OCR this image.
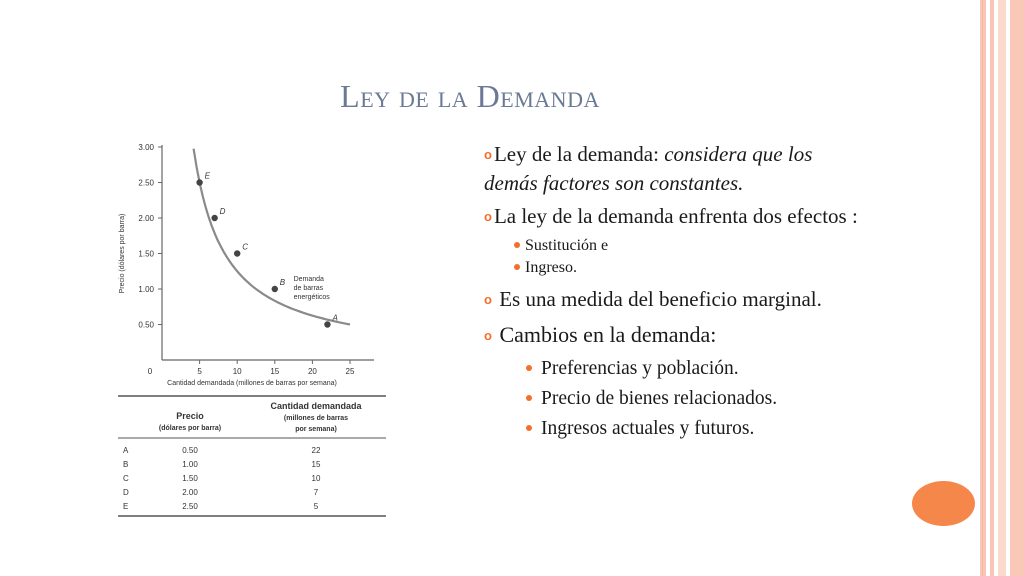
Ley de la Demanda
0.50
1.00
1.50
2.00
2.50
3.00
0	5	10	15	20	25
Cantidad demandada (millones de barras por semana)
Precio (dólares por barra)
E
D
C
B
A
Demanda
de barras
energéticos
Precio
(dólares por barra)
Cantidad demandada
(millones de barras
por semana)
A	0.50	22
B	1.00	15
C	1.50	10
D	2.00	7
E	2.50	5
oLey de la demanda: considera que los demás factores son constantes.
oLa ley de la demanda enfrenta dos efectos :
Sustitución e
Ingreso.
o Es una medida del beneficio marginal.
o Cambios en la demanda:
Preferencias y población.
Precio de bienes relacionados.
Ingresos actuales y futuros.
